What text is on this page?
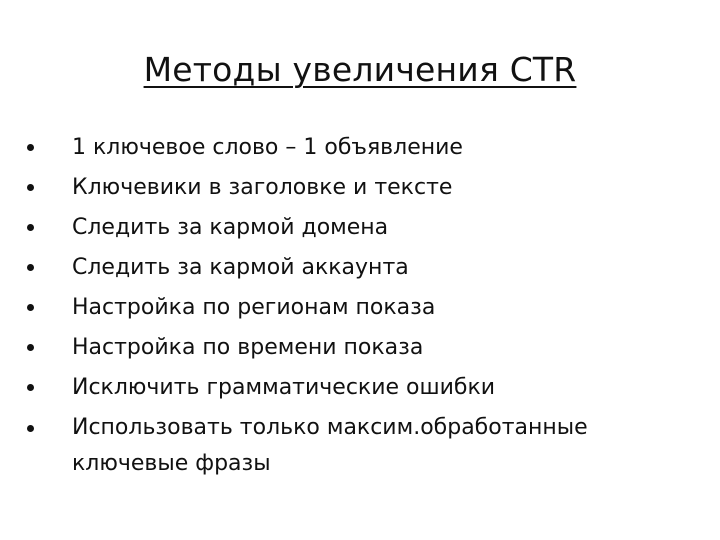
Методы увеличения CTR
1 ключевое слово – 1 объявление
Ключевики в заголовке и тексте
Следить за кармой домена
Следить за кармой аккаунта
Настройка по регионам показа
Настройка по времени показа
Исключить грамматические ошибки
Использовать только максим.обработанные ключевые фразы
